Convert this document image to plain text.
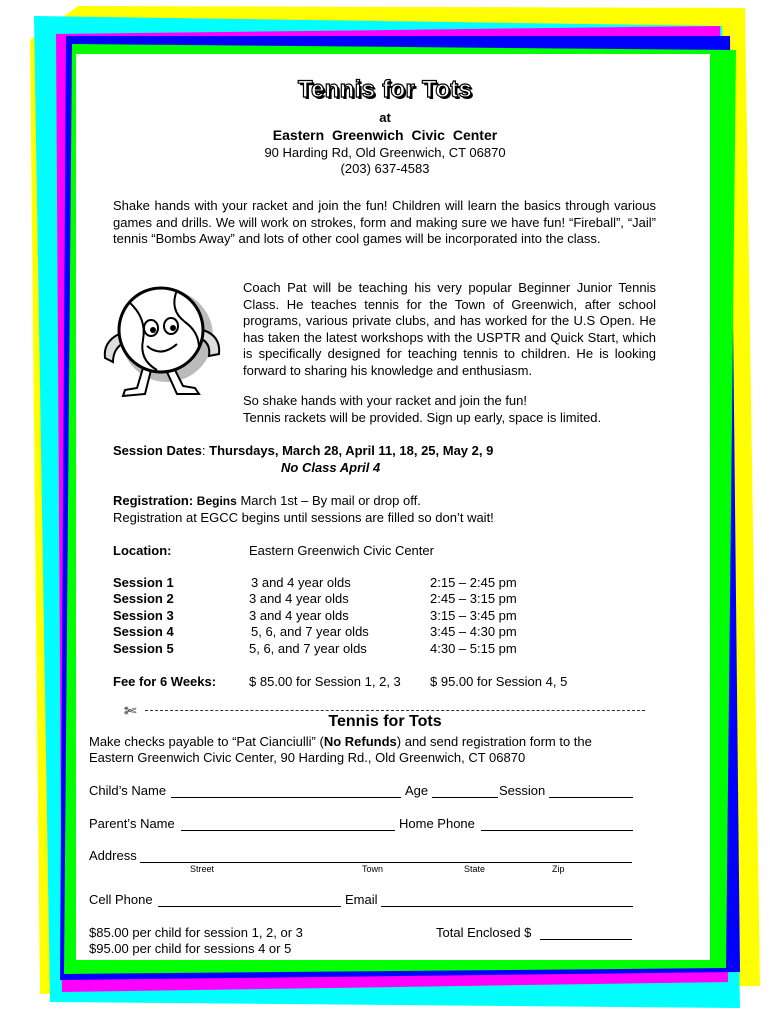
Tennis for Tots
at
Eastern Greenwich Civic Center
90 Harding Rd, Old Greenwich, CT 06870
(203) 637-4583
Shake hands with your racket and join the fun! Children will learn the basics through various games and drills. We will work on strokes, form and making sure we have fun! “Fireball”, “Jail” tennis “Bombs Away” and lots of other cool games will be incorporated into the class.
Coach Pat will be teaching his very popular Beginner Junior Tennis Class. He teaches tennis for the Town of Greenwich, after school programs, various private clubs, and has worked for the U.S Open. He has taken the latest workshops with the USPTR and Quick Start, which is specifically designed for teaching tennis to children. He is looking forward to sharing his knowledge and enthusiasm.
So shake hands with your racket and join the fun!
Tennis rackets will be provided. Sign up early, space is limited.
Session Dates: Thursdays, March 28, April 11, 18, 25, May 2, 9
No Class April 4
Registration: Begins March 1st – By mail or drop off.
Registration at EGCC begins until sessions are filled so don’t wait!
Location:	Eastern Greenwich Civic Center
Session 1	3 and 4 year olds	2:15 – 2:45 pm
Session 2	3 and 4 year olds	2:45 – 3:15 pm
Session 3	3 and 4 year olds	3:15 – 3:45 pm
Session 4	5, 6, and 7 year olds	3:45 – 4:30 pm
Session 5	5, 6, and 7 year olds	4:30 – 5:15 pm
Fee for 6 Weeks:	$ 85.00 for Session 1, 2, 3 $ 95.00 for Session 4, 5
✄
Tennis for Tots
Make checks payable to “Pat Cianciulli” (No Refunds) and send registration form to the
Eastern Greenwich Civic Center, 90 Harding Rd., Old Greenwich, CT 06870
Child’s Name	Age	Session
Parent’s Name	Home Phone
Address
Street	Town	State	Zip
Cell Phone	Email
$85.00 per child for session 1, 2, or 3
$95.00 per child for sessions 4 or 5
Total Enclosed $
